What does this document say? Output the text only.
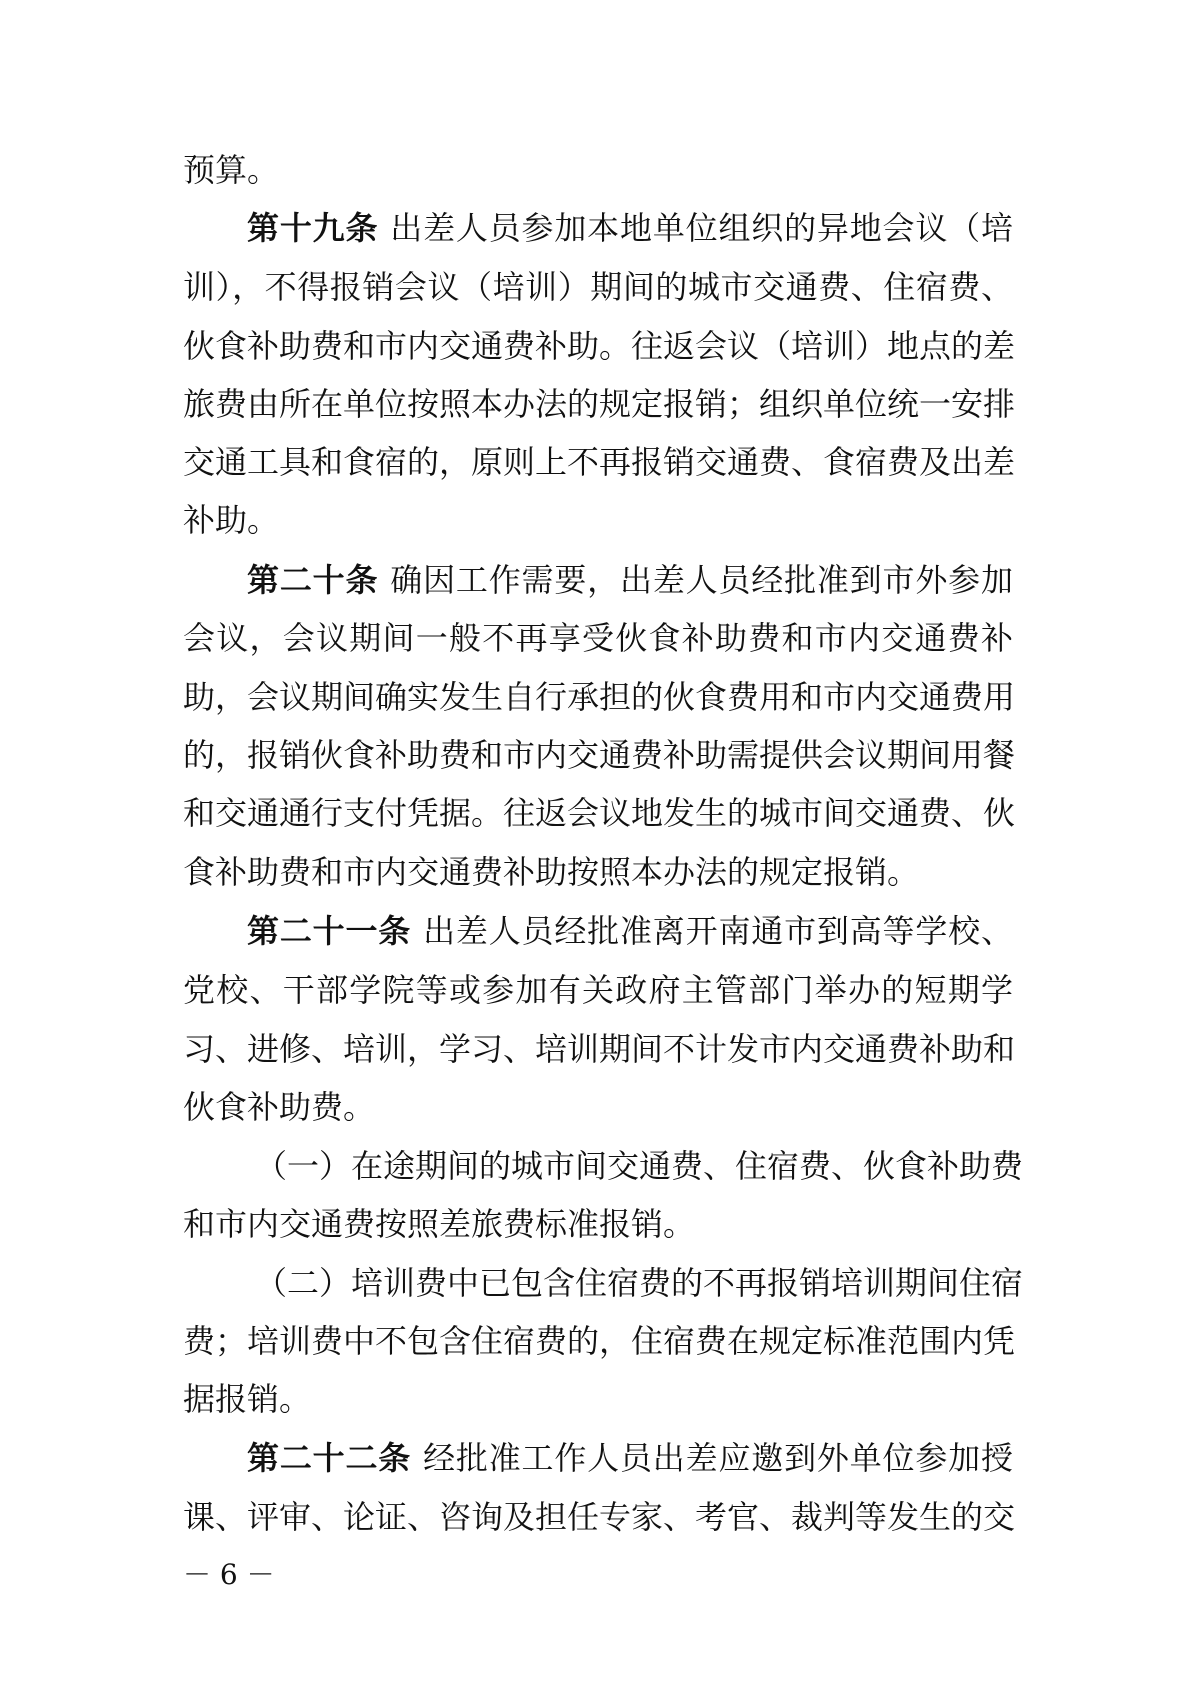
预算。
第十九条 出差人员参加本地单位组织的异地会议（培
训），不得报销会议（培训）期间的城市交通费、住宿费、
伙食补助费和市内交通费补助。往返会议（培训）地点的差
旅费由所在单位按照本办法的规定报销；组织单位统一安排
交通工具和食宿的，原则上不再报销交通费、食宿费及出差
补助。
第二十条 确因工作需要，出差人员经批准到市外参加
会议，会议期间一般不再享受伙食补助费和市内交通费补
助，会议期间确实发生自行承担的伙食费用和市内交通费用
的，报销伙食补助费和市内交通费补助需提供会议期间用餐
和交通通行支付凭据。往返会议地发生的城市间交通费、伙
食补助费和市内交通费补助按照本办法的规定报销。
第二十一条 出差人员经批准离开南通市到高等学校、
党校、干部学院等或参加有关政府主管部门举办的短期学
习、进修、培训，学习、培训期间不计发市内交通费补助和
伙食补助费。
（一）在途期间的城市间交通费、住宿费、伙食补助费
和市内交通费按照差旅费标准报销。
（二）培训费中已包含住宿费的不再报销培训期间住宿
费；培训费中不包含住宿费的，住宿费在规定标准范围内凭
据报销。
第二十二条 经批准工作人员出差应邀到外单位参加授
课、评审、论证、咨询及担任专家、考官、裁判等发生的交
－ 6 －
